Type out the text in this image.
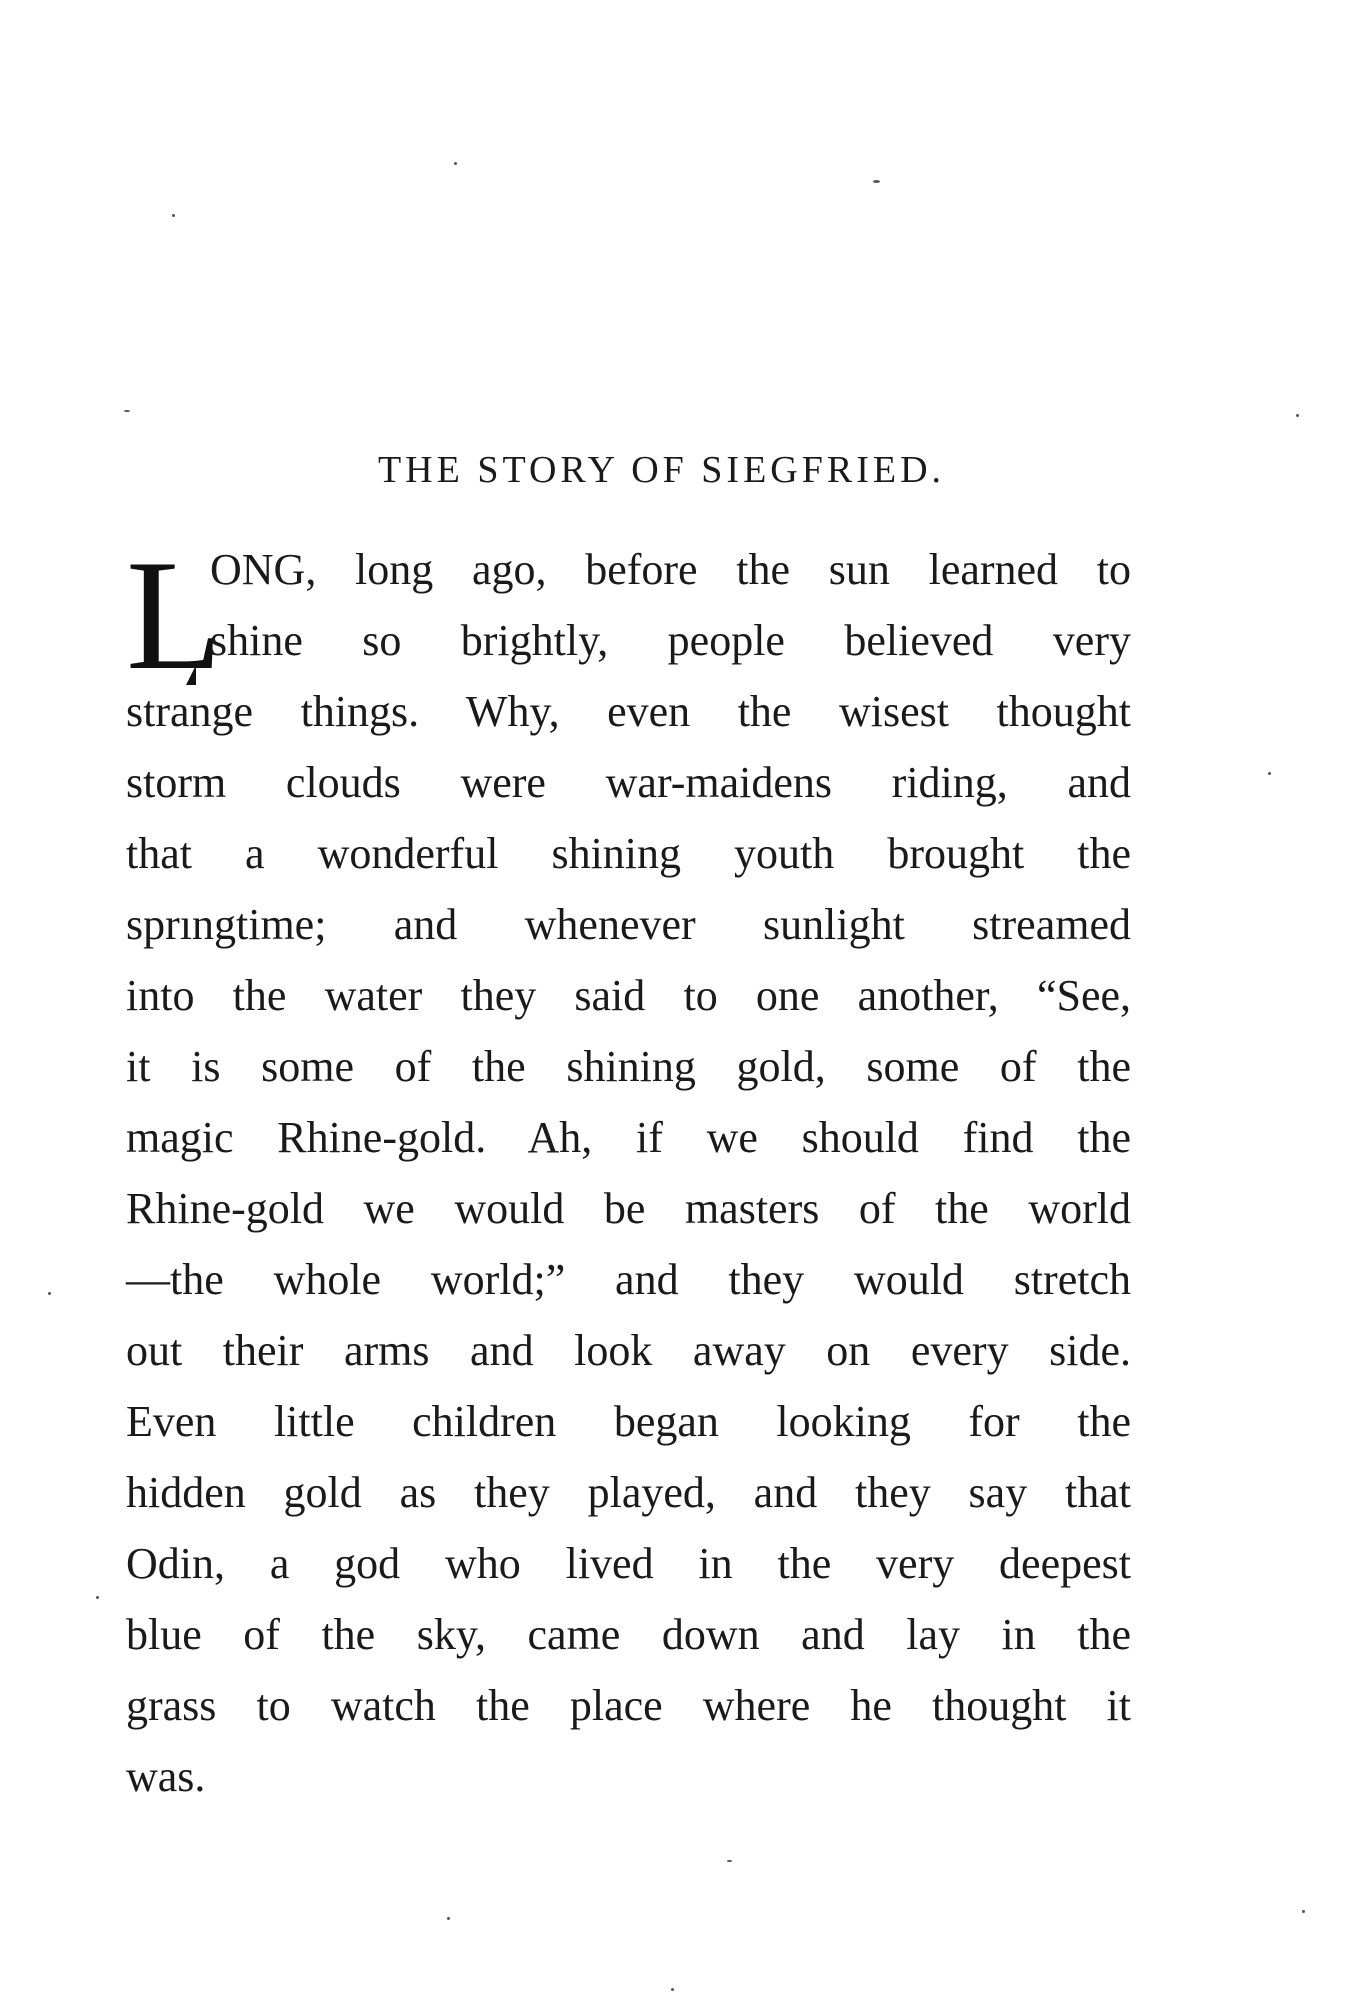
THE STORY OF SIEGFRIED.
L
ONG, long ago, before the sun learned to
shine so brightly, people believed very
strange things. Why, even the wisest thought
storm clouds were war-maidens riding, and
that a wonderful shining youth brought the
sprıngtime; and whenever sunlight streamed
into the water they said to one another, “See,
it is some of the shining gold, some of the
magic Rhine-gold. Ah, if we should find the
Rhine-gold we would be masters of the world
—the whole world;” and they would stretch
out their arms and look away on every side.
Even little children began looking for the
hidden gold as they played, and they say that
Odin, a god who lived in the very deepest
blue of the sky, came down and lay in the
grass to watch the place where he thought it
was.
